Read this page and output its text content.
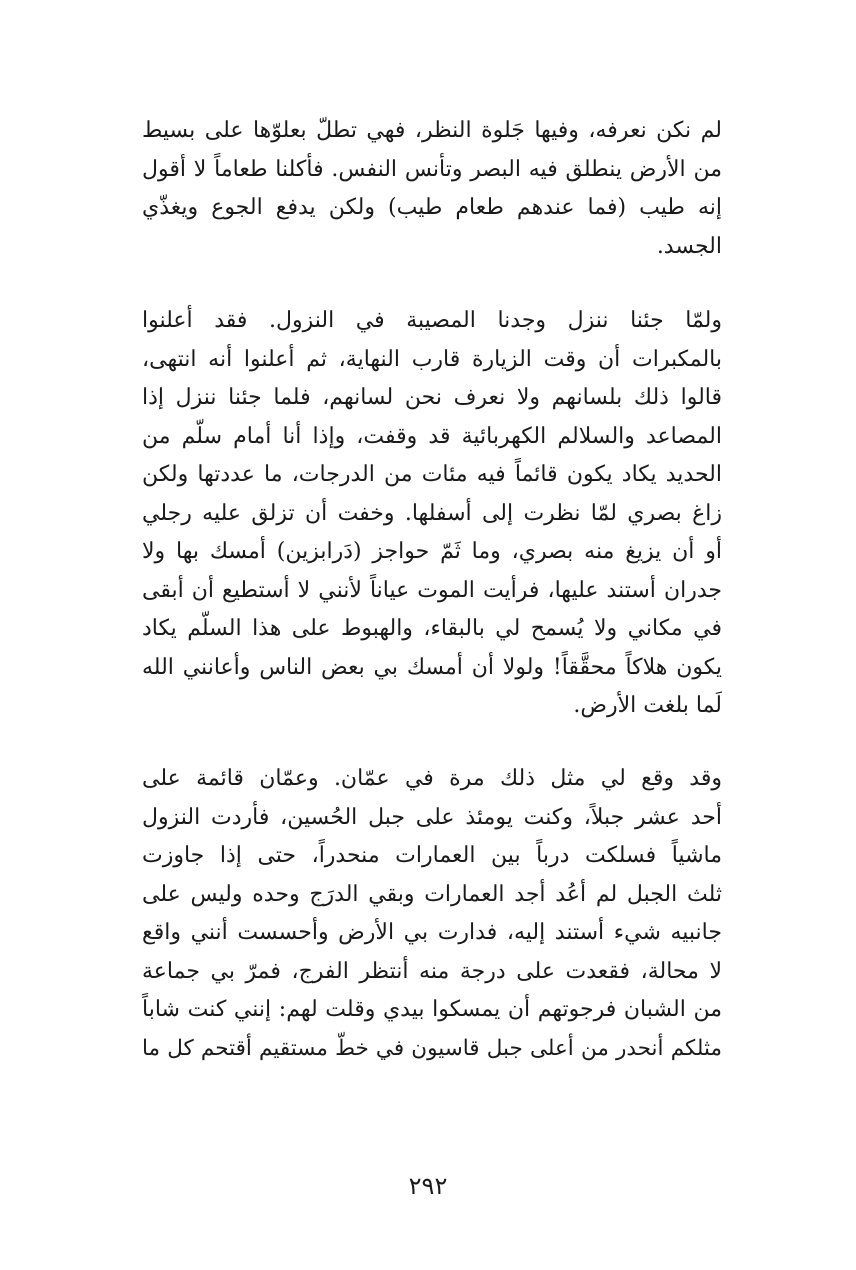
لم نكن نعرفه، وفيها جَلوة النظر، فهي تطلّ بعلوّها على بسيط
من الأرض ينطلق فيه البصر وتأنس النفس. فأكلنا طعاماً لا أقول
إنه طيب (فما عندهم طعام طيب) ولكن يدفع الجوع ويغذّي
الجسد.
ولمّا جئنا ننزل وجدنا المصيبة في النزول. فقد أعلنوا
بالمكبرات أن وقت الزيارة قارب النهاية، ثم أعلنوا أنه انتهى،
قالوا ذلك بلسانهم ولا نعرف نحن لسانهم، فلما جئنا ننزل إذا
المصاعد والسلالم الكهربائية قد وقفت، وإذا أنا أمام سلّم من
الحديد يكاد يكون قائماً فيه مئات من الدرجات، ما عددتها ولكن
زاغ بصري لمّا نظرت إلى أسفلها. وخفت أن تزلق عليه رجلي
أو أن يزيغ منه بصري، وما ثَمّ حواجز (دَرابزين) أمسك بها ولا
جدران أستند عليها، فرأيت الموت عياناً لأنني لا أستطيع أن أبقى
في مكاني ولا يُسمح لي بالبقاء، والهبوط على هذا السلّم يكاد
يكون هلاكاً محقَّقاً! ولولا أن أمسك بي بعض الناس وأعانني الله
لَما بلغت الأرض.
وقد وقع لي مثل ذلك مرة في عمّان. وعمّان قائمة على
أحد عشر جبلاً، وكنت يومئذ على جبل الحُسين، فأردت النزول
ماشياً فسلكت درباً بين العمارات منحدراً، حتى إذا جاوزت
ثلث الجبل لم أعُد أجد العمارات وبقي الدرَج وحده وليس على
جانبيه شيء أستند إليه، فدارت بي الأرض وأحسست أنني واقع
لا محالة، فقعدت على درجة منه أنتظر الفرج، فمرّ بي جماعة
من الشبان فرجوتهم أن يمسكوا بيدي وقلت لهم: إنني كنت شاباً
مثلكم أنحدر من أعلى جبل قاسيون في خطّ مستقيم أقتحم كل ما
٢٩٢
